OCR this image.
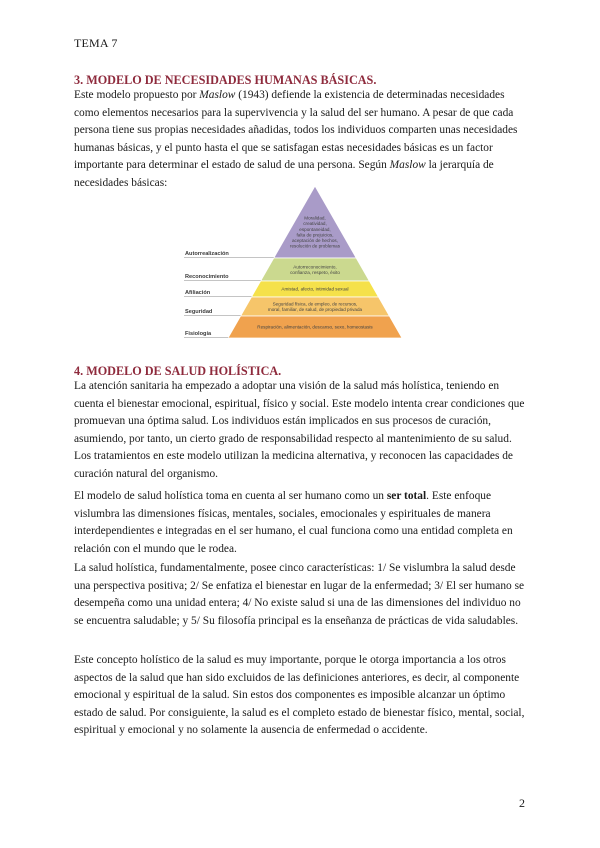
TEMA 7
3. MODELO DE NECESIDADES HUMANAS BÁSICAS.

Este modelo propuesto por Maslow (1943) defiende la existencia de determinadas necesidades como elementos necesarios para la supervivencia y la salud del ser humano. A pesar de que cada persona tiene sus propias necesidades añadidas, todos los individuos comparten unas necesidades humanas básicas, y el punto hasta el que se satisfagan estas necesidades básicas es un factor importante para determinar el estado de salud de una persona. Según Maslow la jerarquía de necesidades básicas:

Moralidad,
creatividad,
espontaneidad,
falta de prejuicios,
aceptación de hechos,
resolución de problemas
Autorrealización
Autorreconocimiento,
confianza, respeto, éxito
Reconocimiento
Amistad, afecto, intimidad sexual
Afiliación
Seguridad física, de empleo, de recursos,
moral, familiar, de salud, de propiedad privada
Seguridad
Respiración, alimentación, descanso, sexo, homeostasis
Fisiología
4. MODELO DE SALUD HOLÍSTICA.

La atención sanitaria ha empezado a adoptar una visión de la salud más holística, teniendo en cuenta el bienestar emocional, espiritual, físico y social. Este modelo intenta crear condiciones que promuevan una óptima salud. Los individuos están implicados en sus procesos de curación, asumiendo, por tanto, un cierto grado de responsabilidad respecto al mantenimiento de su salud. Los tratamientos en este modelo utilizan la medicina alternativa, y reconocen las capacidades de curación natural del organismo.

El modelo de salud holística toma en cuenta al ser humano como un ser total. Este enfoque vislumbra las dimensiones físicas, mentales, sociales, emocionales y espirituales de manera interdependientes e integradas en el ser humano, el cual funciona como una entidad completa en relación con el mundo que le rodea.

La salud holística, fundamentalmente, posee cinco características: 1/ Se vislumbra la salud desde una perspectiva positiva; 2/ Se enfatiza el bienestar en lugar de la enfermedad; 3/ El ser humano se desempeña como una unidad entera; 4/ No existe salud si una de las dimensiones del individuo no se encuentra saludable; y 5/ Su filosofía principal es la enseñanza de prácticas de vida saludables.

Este concepto holístico de la salud es muy importante, porque le otorga importancia a los otros aspectos de la salud que han sido excluidos de las definiciones anteriores, es decir, al componente emocional y espiritual de la salud. Sin estos dos componentes es imposible alcanzar un óptimo estado de salud. Por consiguiente, la salud es el completo estado de bienestar físico, mental, social, espiritual y emocional y no solamente la ausencia de enfermedad o accidente.

2
